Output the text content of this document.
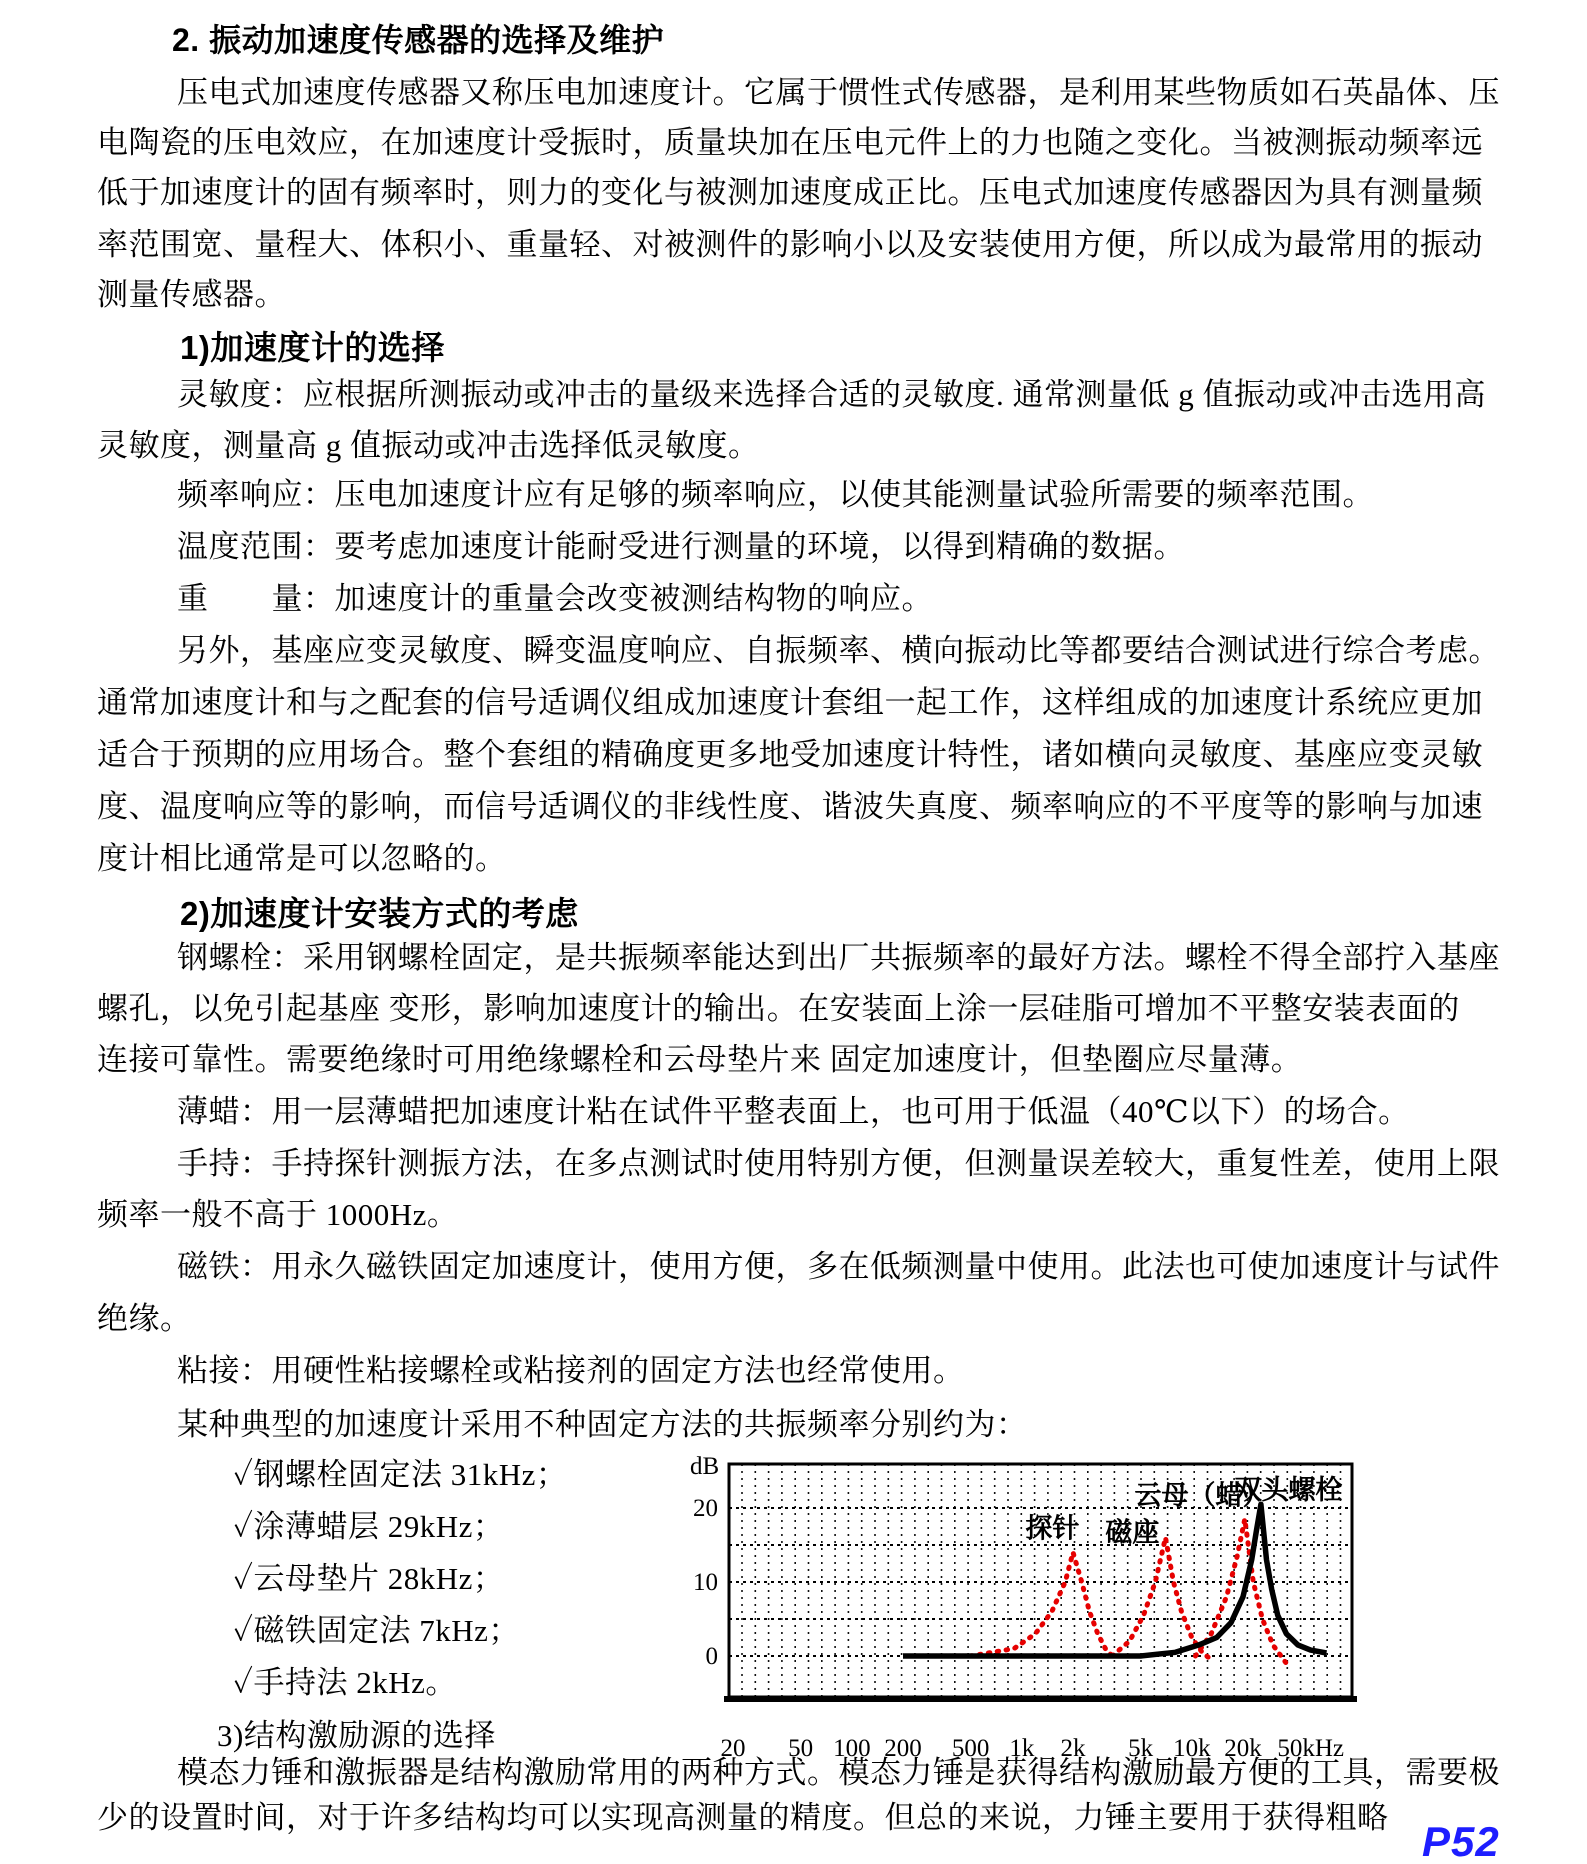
2. 振动加速度传感器的选择及维护
压电式加速度传感器又称压电加速度计。它属于惯性式传感器，是利用某些物质如石英晶体、压
电陶瓷的压电效应，在加速度计受振时，质量块加在压电元件上的力也随之变化。当被测振动频率远
低于加速度计的固有频率时，则力的变化与被测加速度成正比。压电式加速度传感器因为具有测量频
率范围宽、量程大、体积小、重量轻、对被测件的影响小以及安装使用方便，所以成为最常用的振动
测量传感器。
1)加速度计的选择
灵敏度：应根据所测振动或冲击的量级来选择合适的灵敏度. 通常测量低 g 值振动或冲击选用高
灵敏度，测量高 g 值振动或冲击选择低灵敏度。
频率响应：压电加速度计应有足够的频率响应，以使其能测量试验所需要的频率范围。
温度范围：要考虑加速度计能耐受进行测量的环境，以得到精确的数据。
重　　量：加速度计的重量会改变被测结构物的响应。
另外，基座应变灵敏度、瞬变温度响应、自振频率、横向振动比等都要结合测试进行综合考虑。
通常加速度计和与之配套的信号适调仪组成加速度计套组一起工作，这样组成的加速度计系统应更加
适合于预期的应用场合。整个套组的精确度更多地受加速度计特性，诸如横向灵敏度、基座应变灵敏
度、温度响应等的影响，而信号适调仪的非线性度、谐波失真度、频率响应的不平度等的影响与加速
度计相比通常是可以忽略的。
2)加速度计安装方式的考虑
钢螺栓：采用钢螺栓固定，是共振频率能达到出厂共振频率的最好方法。螺栓不得全部拧入基座
螺孔，以免引起基座 变形，影响加速度计的输出。在安装面上涂一层硅脂可增加不平整安装表面的
连接可靠性。需要绝缘时可用绝缘螺栓和云母垫片来 固定加速度计，但垫圈应尽量薄。
薄蜡：用一层薄蜡把加速度计粘在试件平整表面上，也可用于低温（40℃以下）的场合。
手持：手持探针测振方法，在多点测试时使用特别方便，但测量误差较大，重复性差，使用上限
频率一般不高于 1000Hz。
磁铁：用永久磁铁固定加速度计，使用方便，多在低频测量中使用。此法也可使加速度计与试件
绝缘。
粘接：用硬性粘接螺栓或粘接剂的固定方法也经常使用。
某种典型的加速度计采用不种固定方法的共振频率分别约为：
✓钢螺栓固定法 31kHz；
✓涂薄蜡层 29kHz；
✓云母垫片 28kHz；
✓磁铁固定法 7kHz；
✓手持法 2kHz。
dB
20
10
0
20 50 100 200 500 1k 2k 5k 10k 20k 50kHz
探针 磁座
云母（蜡）
双头螺栓
3)结构激励源的选择
模态力锤和激振器是结构激励常用的两种方式。模态力锤是获得结构激励最方便的工具，需要极
少的设置时间，对于许多结构均可以实现高测量的精度。但总的来说，力锤主要用于获得粗略
P52
